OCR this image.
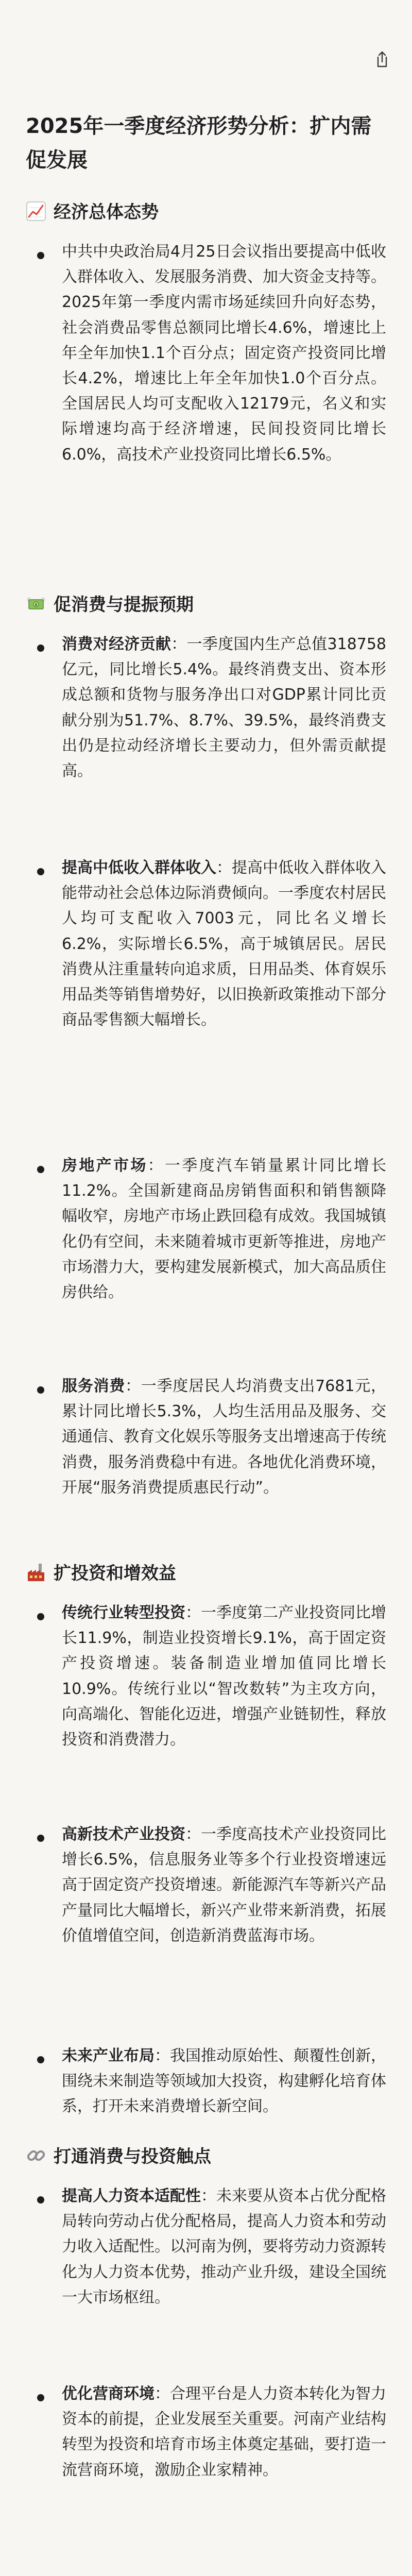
2025年一季度经济形势分析：扩内需促发展
经济总体态势
中共中央政治局4月25日会议指出要提高中低收入群体收入、发展服务消费、加大资金支持等。2025年第一季度内需市场延续回升向好态势，社会消费品零售总额同比增长4.6%，增速比上年全年加快1.1个百分点；固定资产投资同比增长4.2%，增速比上年全年加快1.0个百分点。全国居民人均可支配收入12179元，名义和实际增速均高于经济增速，民间投资同比增长6.0%，高技术产业投资同比增长6.5%。
$ 促消费与提振预期
消费对经济贡献：一季度国内生产总值318758亿元，同比增长5.4%。最终消费支出、资本形成总额和货物与服务净出口对GDP累计同比贡献分别为51.7%、8.7%、39.5%，最终消费支出仍是拉动经济增长主要动力，但外需贡献提高。
提高中低收入群体收入：提高中低收入群体收入能带动社会总体边际消费倾向。一季度农村居民人均可支配收入7003元，同比名义增长6.2%，实际增长6.5%，高于城镇居民。居民消费从注重量转向追求质，日用品类、体育娱乐用品类等销售增势好，以旧换新政策推动下部分商品零售额大幅增长。
房地产市场：一季度汽车销量累计同比增长11.2%。全国新建商品房销售面积和销售额降幅收窄，房地产市场止跌回稳有成效。我国城镇化仍有空间，未来随着城市更新等推进，房地产市场潜力大，要构建发展新模式，加大高品质住房供给。
服务消费：一季度居民人均消费支出7681元，累计同比增长5.3%，人均生活用品及服务、交通通信、教育文化娱乐等服务支出增速高于传统消费，服务消费稳中有进。各地优化消费环境，开展“服务消费提质惠民行动”。
扩投资和增效益
传统行业转型投资：一季度第二产业投资同比增长11.9%，制造业投资增长9.1%，高于固定资产投资增速。装备制造业增加值同比增长10.9%。传统行业以“智改数转”为主攻方向，向高端化、智能化迈进，增强产业链韧性，释放投资和消费潜力。
高新技术产业投资：一季度高技术产业投资同比增长6.5%，信息服务业等多个行业投资增速远高于固定资产投资增速。新能源汽车等新兴产品产量同比大幅增长，新兴产业带来新消费，拓展价值增值空间，创造新消费蓝海市场。
未来产业布局：我国推动原始性、颠覆性创新，围绕未来制造等领域加大投资，构建孵化培育体系，打开未来消费增长新空间。
打通消费与投资触点
提高人力资本适配性：未来要从资本占优分配格局转向劳动占优分配格局，提高人力资本和劳动力收入适配性。以河南为例，要将劳动力资源转化为人力资本优势，推动产业升级，建设全国统一大市场枢纽。
优化营商环境：合理平台是人力资本转化为智力资本的前提，企业发展至关重要。河南产业结构转型为投资和培育市场主体奠定基础，要打造一流营商环境，激励企业家精神。
